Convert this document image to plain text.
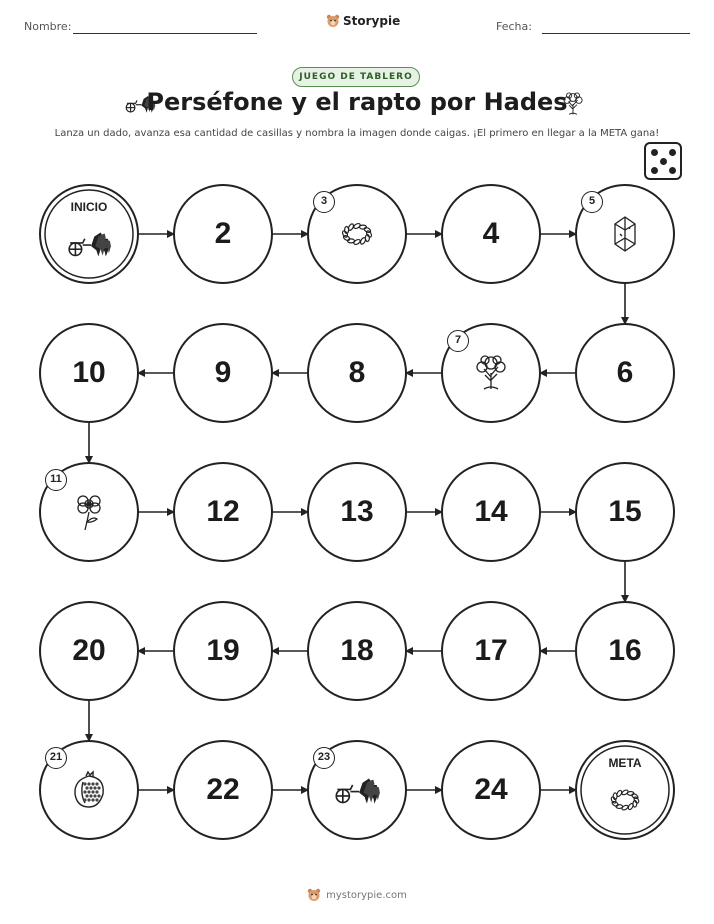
Nombre:	Storypie	Fecha:
JUEGO DE TABLERO
Perséfone y el rapto por Hades
Lanza un dado, avanza esa cantidad de casillas y nombra la imagen donde caigas. ¡El primero en llegar a la META gana!
INICIO
2
3
4
5
6
7
8
9
10
11
12	13	14	15
16
17
18
19
20
21
22
23
24
META
mystorypie.com
